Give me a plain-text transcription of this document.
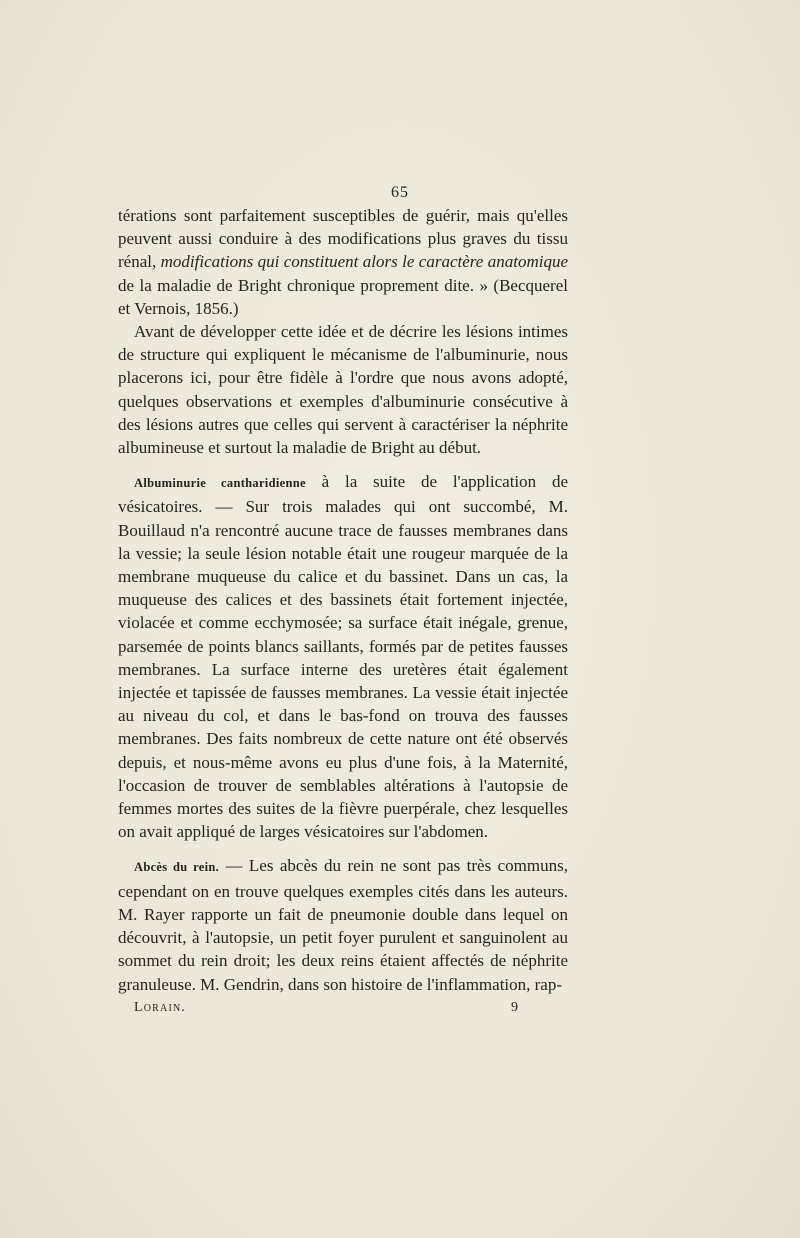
65

térations sont parfaitement susceptibles de guérir, mais qu'elles peuvent aussi conduire à des modifications plus graves du tissu rénal, modifications qui constituent alors le caractère anatomique de la maladie de Bright chronique proprement dite. » (Becquerel et Vernois, 1856.)

Avant de développer cette idée et de décrire les lésions intimes de structure qui expliquent le mécanisme de l'albuminurie, nous placerons ici, pour être fidèle à l'ordre que nous avons adopté, quelques observations et exemples d'albuminurie consécutive à des lésions autres que celles qui servent à caractériser la néphrite albumineuse et surtout la maladie de Bright au début.

Albuminurie cantharidienne à la suite de l'application de vésicatoires. — Sur trois malades qui ont succombé, M. Bouillaud n'a rencontré aucune trace de fausses membranes dans la vessie; la seule lésion notable était une rougeur marquée de la membrane muqueuse du calice et du bassinet. Dans un cas, la muqueuse des calices et des bassinets était fortement injectée, violacée et comme ecchymosée; sa surface était inégale, grenue, parsemée de points blancs saillants, formés par de petites fausses membranes. La surface interne des uretères était également injectée et tapissée de fausses membranes. La vessie était injectée au niveau du col, et dans le bas-fond on trouva des fausses membranes. Des faits nombreux de cette nature ont été observés depuis, et nous-même avons eu plus d'une fois, à la Maternité, l'occasion de trouver de semblables altérations à l'autopsie de femmes mortes des suites de la fièvre puerpérale, chez lesquelles on avait appliqué de larges vésicatoires sur l'abdomen.

Abcès du rein. — Les abcès du rein ne sont pas très communs, cependant on en trouve quelques exemples cités dans les auteurs. M. Rayer rapporte un fait de pneumonie double dans lequel on découvrit, à l'autopsie, un petit foyer purulent et sanguinolent au sommet du rein droit; les deux reins étaient affectés de néphrite granuleuse. M. Gendrin, dans son histoire de l'inflammation, rap-

Lorain.	9
